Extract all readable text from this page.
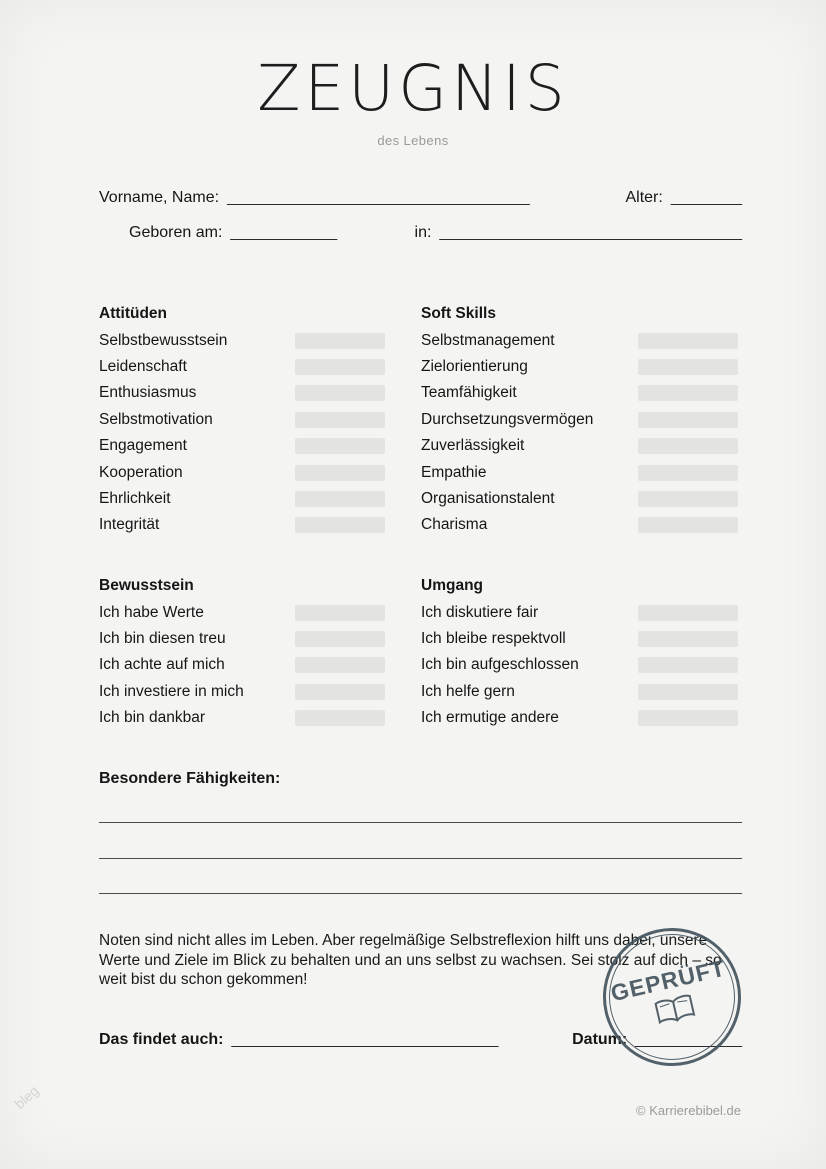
ZEUGNIS
des Lebens
Vorname, Name: __________________________________	Alter: ________
Geboren am: ____________	in: __________________________________
Attitüden	Soft Skills
Selbstbewusstsein	Selbstmanagement
Leidenschaft	Zielorientierung
Enthusiasmus	Teamfähigkeit
Selbstmotivation	Durchsetzungsvermögen
Engagement	Zuverlässigkeit
Kooperation	Empathie
Ehrlichkeit	Organisationstalent
Integrität	Charisma
Bewusstsein	Umgang
Ich habe Werte	Ich diskutiere fair
Ich bin diesen treu	Ich bleibe respektvoll
Ich achte auf mich	Ich bin aufgeschlossen
Ich investiere in mich	Ich helfe gern
Ich bin dankbar	Ich ermutige andere
Besondere Fähigkeiten:
Noten sind nicht alles im Leben. Aber regelmäßige Selbstreflexion hilft uns dabei, unsere Werte und Ziele im Blick zu behalten und an uns selbst zu wachsen. Sei stolz auf dich – so weit bist du schon gekommen!
Das findet auch: ______________________________	Datum: ____________
GEPRÜFT
© Karrierebibel.de
bleg
